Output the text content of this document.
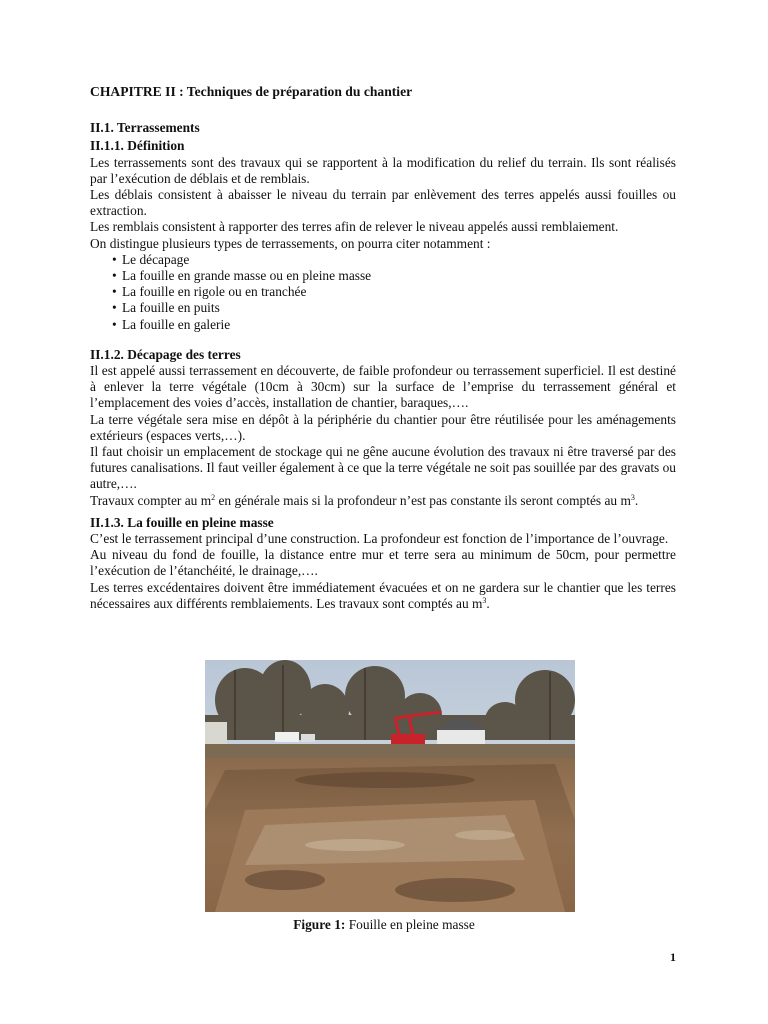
CHAPITRE II : Techniques de préparation du chantier
II.1. Terrassements
II.1.1. Définition

Les terrassements sont des travaux qui se rapportent à la modification du relief du terrain. Ils sont réalisés par l’exécution de déblais et de remblais.

Les déblais consistent à abaisser le niveau du terrain par enlèvement des terres appelés aussi fouilles ou extraction.

Les remblais consistent à rapporter des terres afin de relever le niveau appelés aussi remblaiement.

On distingue plusieurs types de terrassements, on pourra citer notamment :

• Le décapage
• La fouille en grande masse ou en pleine masse
• La fouille en rigole ou en tranchée
• La fouille en puits
• La fouille en galerie
II.1.2. Décapage des terres

Il est appelé aussi terrassement en découverte, de faible profondeur ou terrassement superficiel. Il est destiné à enlever la terre végétale (10cm à 30cm) sur la surface de l’emprise du terrassement général et l’emplacement des voies d’accès, installation de chantier, baraques,….

La terre végétale sera mise en dépôt à la périphérie du chantier pour être réutilisée pour les aménagements extérieurs (espaces verts,…).

Il faut choisir un emplacement de stockage qui ne gêne aucune évolution des travaux ni être traversé par des futures canalisations. Il faut veiller également à ce que la terre végétale ne soit pas souillée par des gravats ou autre,….

Travaux compter au $m^2$ en générale mais si la profondeur n’est pas constante ils seront comptés au $m^3$.

II.1.3. La fouille en pleine masse

C’est le terrassement principal d’une construction. La profondeur est fonction de l’importance de l’ouvrage.

Au niveau du fond de fouille, la distance entre mur et terre sera au minimum de 50cm, pour permettre l’exécution de l’étanchéité, le drainage,….

Les terres excédentaires doivent être immédiatement évacuées et on ne gardera sur le chantier que les terres nécessaires aux différents remblaiements. Les travaux sont comptés au $m^3$.

Figure 1: Fouille en pleine masse
1
